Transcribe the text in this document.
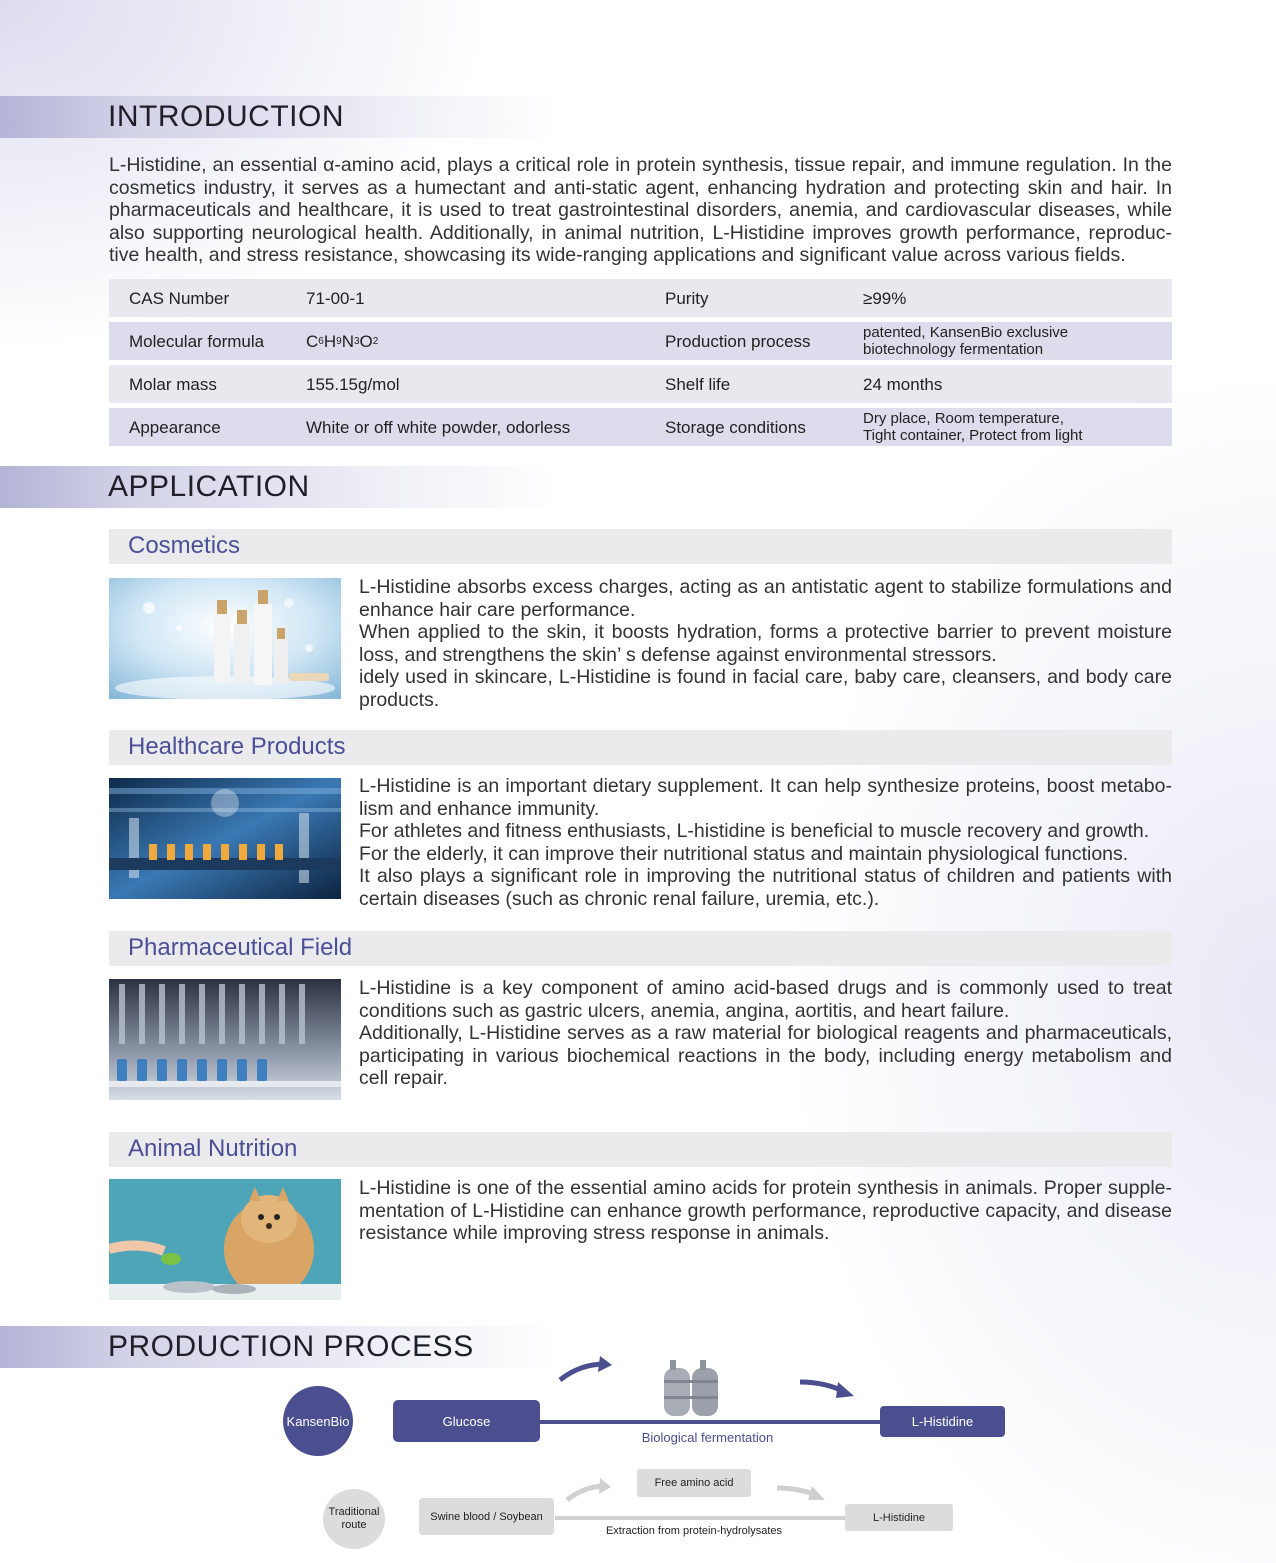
INTRODUCTION
L-Histidine, an essential α-amino acid, plays a critical role in protein synthesis, tissue repair, and immune regulation. In the cosmetics industry, it serves as a humectant and anti-static agent, enhancing hydration and protecting skin and hair. In pharmaceuticals and healthcare, it is used to treat gastrointestinal disorders, anemia, and cardiovascular diseases, while also supporting neurological health. Additionally, in animal nutrition, L-Histidine improves growth performance, reproduc-tive health, and stress resistance, showcasing its wide-ranging applications and significant value across various fields.
CAS Number	71-00-1	Purity	≥99%
Molecular formula C 6 H 9 N 3 O 2	Production process	patented, KansenBio exclusive
biotechnology fermentation
Molar mass	155.15g/mol	Shelf life	24 months
Appearance	White or off white powder, odorless	Storage conditions	Dry place, Room temperature,
Tight container, Protect from light
APPLICATION
Cosmetics

L-Histidine absorbs excess charges, acting as an antistatic agent to stabilize formulations and enhance hair care performance.

When applied to the skin, it boosts hydration, forms a protective barrier to prevent moisture loss, and strengthens the skin’ s defense against environmental stressors.

idely used in skincare, L-Histidine is found in facial care, baby care, cleansers, and body care products.

Healthcare Products

L-Histidine is an important dietary supplement. It can help synthesize proteins, boost metabo-lism and enhance immunity.

For athletes and fitness enthusiasts, L-histidine is beneficial to muscle recovery and growth.

For the elderly, it can improve their nutritional status and maintain physiological functions.

It also plays a significant role in improving the nutritional status of children and patients with certain diseases (such as chronic renal failure, uremia, etc.).

Pharmaceutical Field

L-Histidine is a key component of amino acid-based drugs and is commonly used to treat conditions such as gastric ulcers, anemia, angina, aortitis, and heart failure.

Additionally, L-Histidine serves as a raw material for biological reagents and pharmaceuticals, participating in various biochemical reactions in the body, including energy metabolism and cell repair.

Animal Nutrition

L-Histidine is one of the essential amino acids for protein synthesis in animals. Proper supple-mentation of L-Histidine can enhance growth performance, reproductive capacity, and disease resistance while improving stress response in animals.

PRODUCTION PROCESS
KansenBio	Glucose
Biological fermentation
L-Histidine
Traditional
route
Swine blood / Soybean
Free amino acid
Extraction from protein-hydrolysates
L-Histidine
